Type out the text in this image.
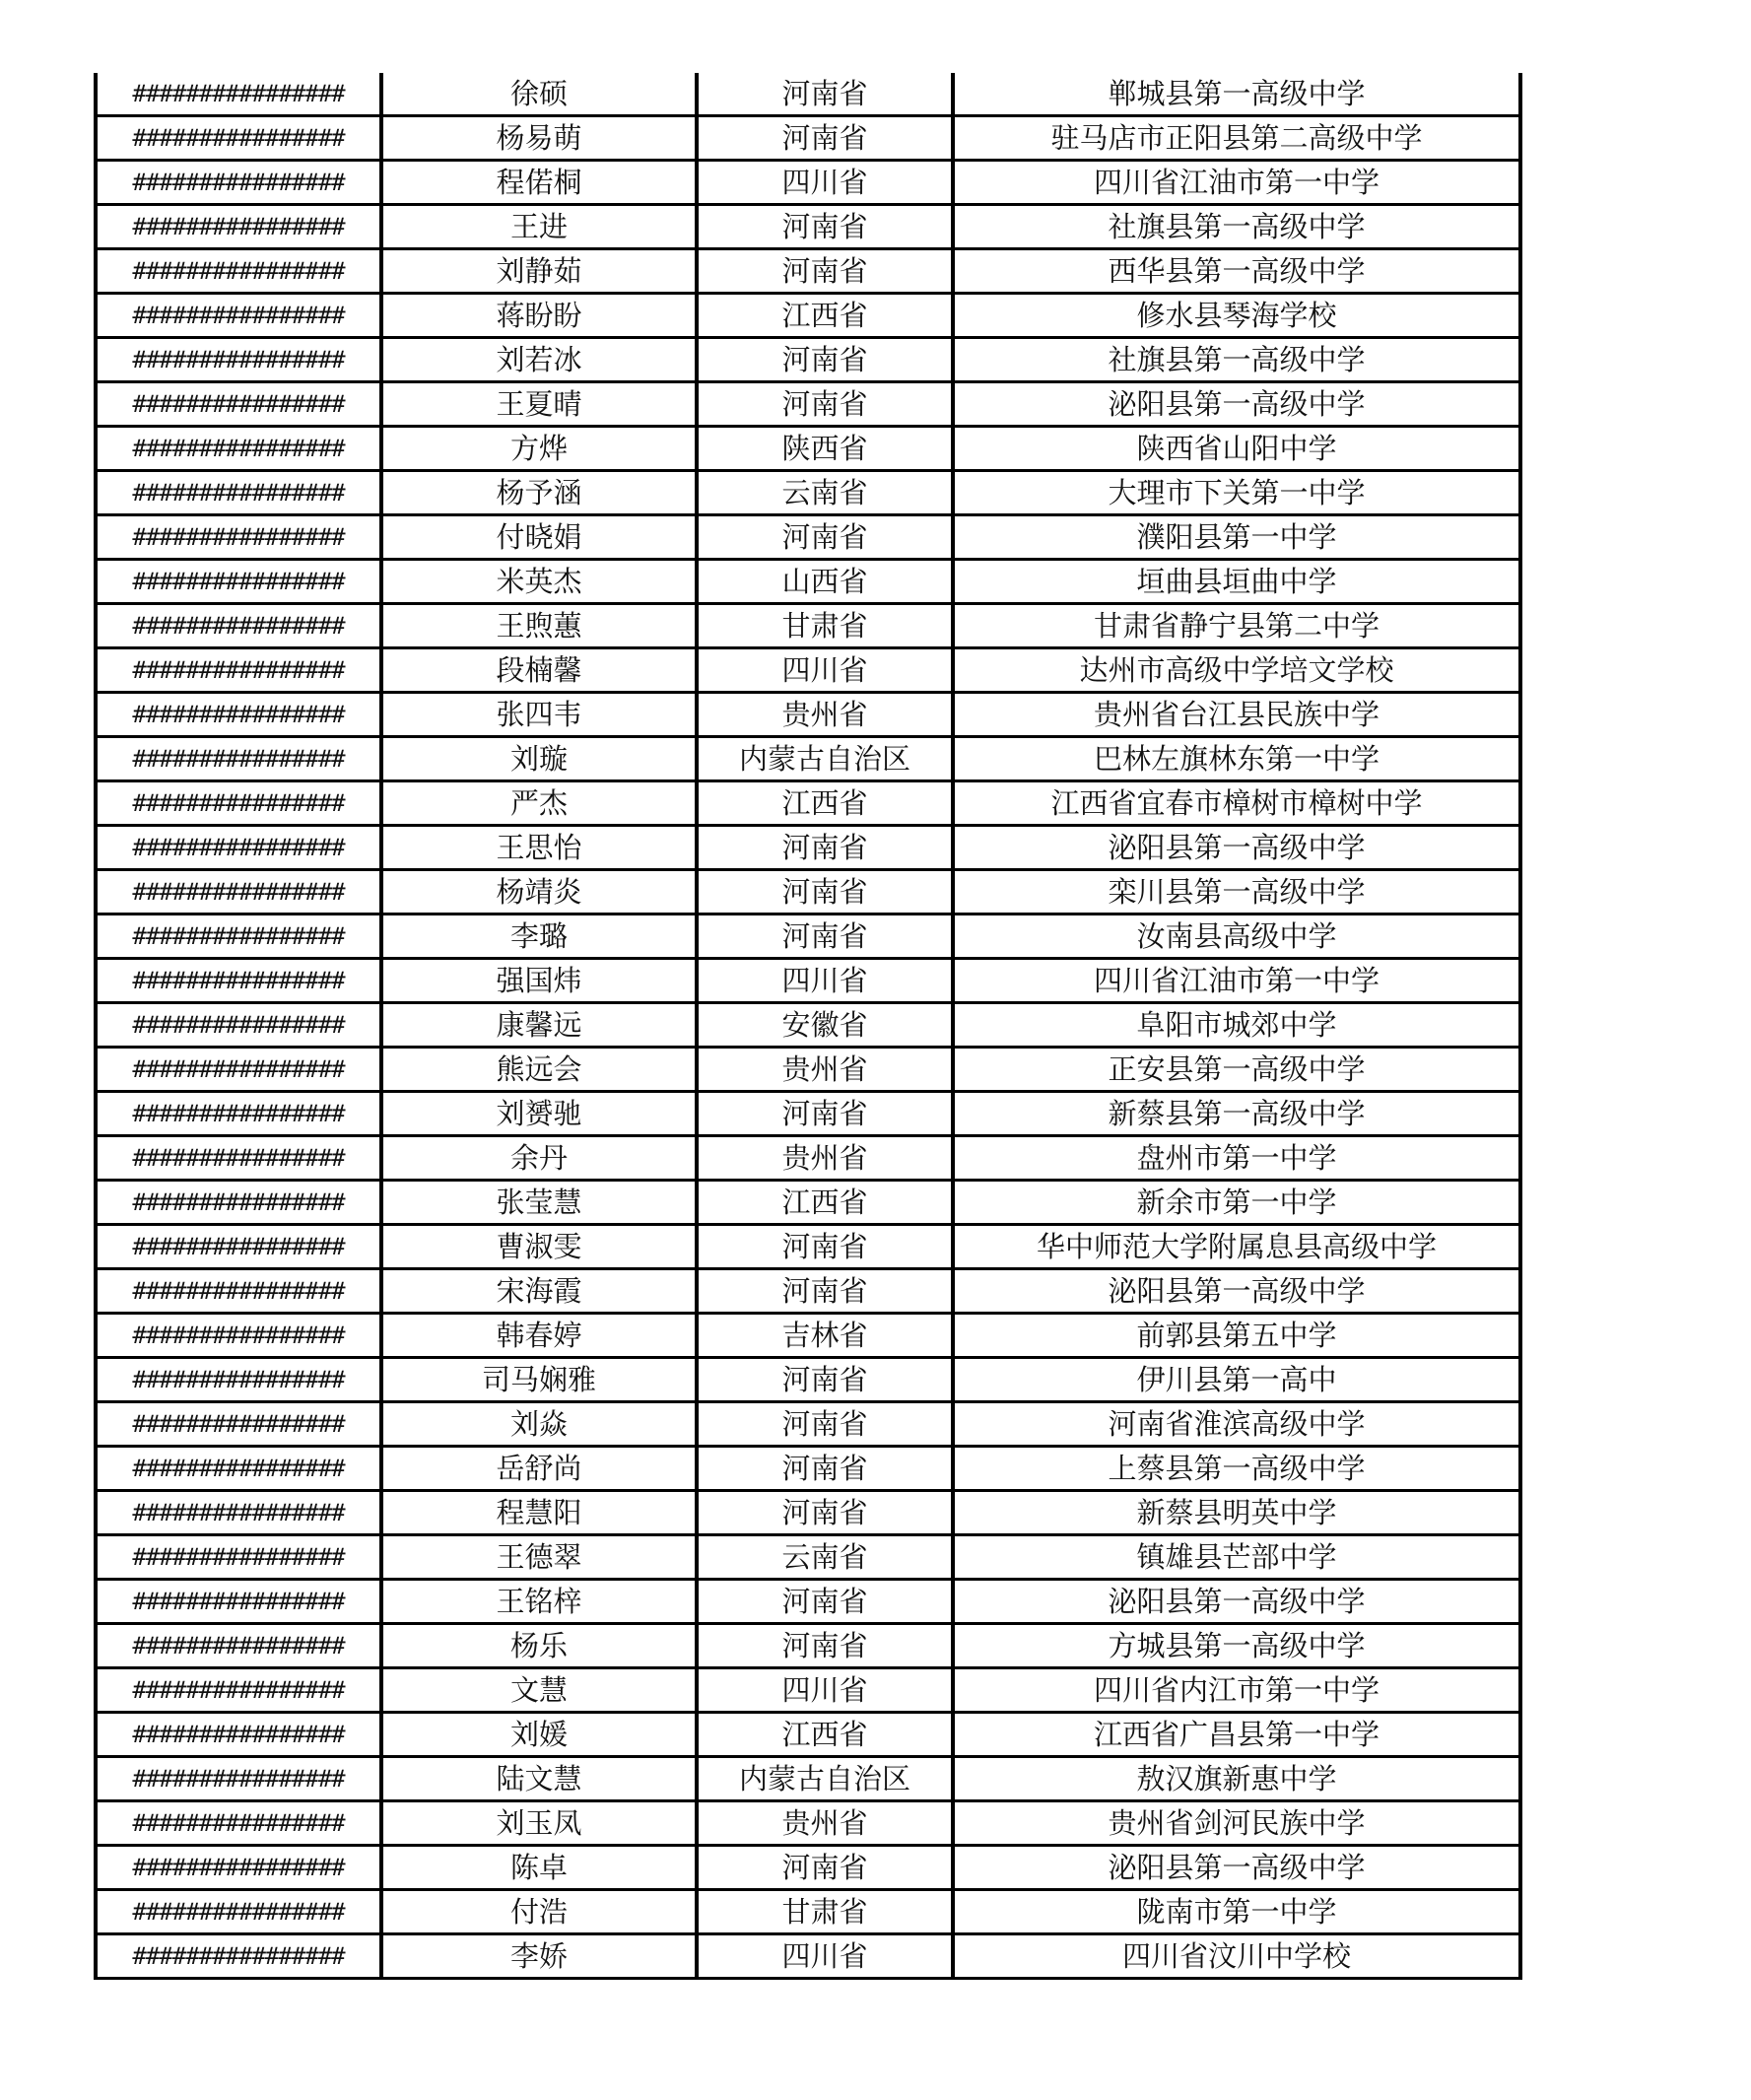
################	徐硕	河南省	郸城县第一高级中学
################	杨易萌	河南省	驻马店市正阳县第二高级中学
################	程偌桐	四川省	四川省江油市第一中学
################	王进	河南省	社旗县第一高级中学
################	刘静茹	河南省	西华县第一高级中学
################	蒋盼盼	江西省	修水县琴海学校
################	刘若冰	河南省	社旗县第一高级中学
################	王夏晴	河南省	泌阳县第一高级中学
################	方烨	陕西省	陕西省山阳中学
################	杨予涵	云南省	大理市下关第一中学
################	付晓娟	河南省	濮阳县第一中学
################	米英杰	山西省	垣曲县垣曲中学
################	王煦蕙	甘肃省	甘肃省静宁县第二中学
################	段楠馨	四川省	达州市高级中学培文学校
################	张四韦	贵州省	贵州省台江县民族中学
################	刘璇	内蒙古自治区	巴林左旗林东第一中学
################	严杰	江西省	江西省宜春市樟树市樟树中学
################	王思怡	河南省	泌阳县第一高级中学
################	杨靖炎	河南省	栾川县第一高级中学
################	李璐	河南省	汝南县高级中学
################	强国炜	四川省	四川省江油市第一中学
################	康馨远	安徽省	阜阳市城郊中学
################	熊远会	贵州省	正安县第一高级中学
################	刘赟驰	河南省	新蔡县第一高级中学
################	余丹	贵州省	盘州市第一中学
################	张莹慧	江西省	新余市第一中学
################	曹淑雯	河南省	华中师范大学附属息县高级中学
################	宋海霞	河南省	泌阳县第一高级中学
################	韩春婷	吉林省	前郭县第五中学
################	司马娴雅	河南省	伊川县第一高中
################	刘焱	河南省	河南省淮滨高级中学
################	岳舒尚	河南省	上蔡县第一高级中学
################	程慧阳	河南省	新蔡县明英中学
################	王德翠	云南省	镇雄县芒部中学
################	王铭梓	河南省	泌阳县第一高级中学
################	杨乐	河南省	方城县第一高级中学
################	文慧	四川省	四川省内江市第一中学
################	刘媛	江西省	江西省广昌县第一中学
################	陆文慧	内蒙古自治区	敖汉旗新惠中学
################	刘玉凤	贵州省	贵州省剑河民族中学
################	陈卓	河南省	泌阳县第一高级中学
################	付浩	甘肃省	陇南市第一中学
################	李娇	四川省	四川省汶川中学校
